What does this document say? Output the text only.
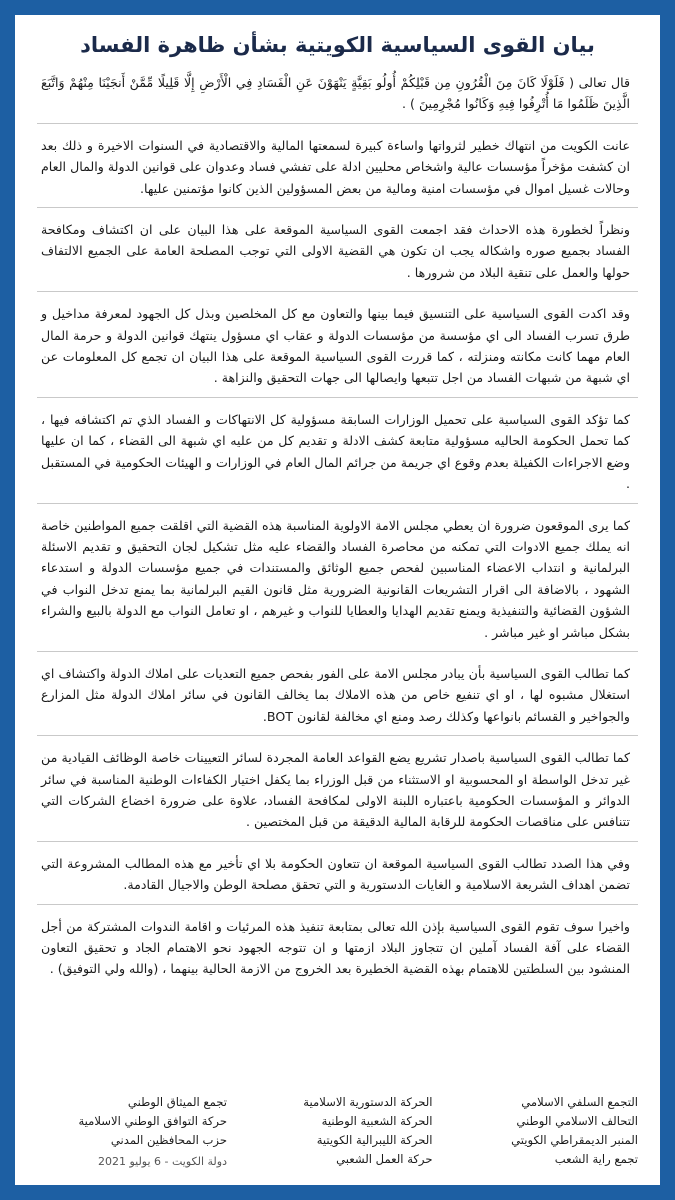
بيان القوى السياسية الكويتية بشأن ظاهرة الفساد

قال تعالى ( فَلَوْلَا كَانَ مِنَ الْقُرُونِ مِن قَبْلِكُمْ أُولُو بَقِيَّةٍ يَنْهَوْنَ عَنِ الْفَسَادِ فِي الْأَرْضِ إِلَّا قَلِيلًا مِّمَّنْ أَنجَيْنَا مِنْهُمْ وَاتَّبَعَ الَّذِينَ ظَلَمُوا مَا أُتْرِفُوا فِيهِ وَكَانُوا مُجْرِمِينَ ) .

عانت الكويت من انتهاك خطير لثرواتها واساءة كبيرة لسمعتها المالية والاقتصادية في السنوات الاخيرة و ذلك بعد ان كشفت مؤخراً مؤسسات عالية واشخاص محليين ادلة على تفشي فساد وعدوان على قوانين الدولة والمال العام وحالات غسيل اموال في مؤسسات امنية ومالية من بعض المسؤولين الذين كانوا مؤتمنين عليها.

ونظراً لخطورة هذه الاحداث فقد اجمعت القوى السياسية الموقعة على هذا البيان على ان اكتشاف ومكافحة الفساد بجميع صوره واشكاله يجب ان تكون هي القضية الاولى التي توجب المصلحة العامة على الجميع الالتفاف حولها والعمل على تنقية البلاد من شرورها .

وقد اكدت القوى السياسية على التنسيق فيما بينها والتعاون مع كل المخلصين وبذل كل الجهود لمعرفة مداخيل و طرق تسرب الفساد الى اي مؤسسة من مؤسسات الدولة و عقاب اي مسؤول ينتهك قوانين الدولة و حرمة المال العام مهما كانت مكانته ومنزلته ، كما قررت القوى السياسية الموقعة على هذا البيان ان تجمع كل المعلومات عن اي شبهة من شبهات الفساد من اجل تتبعها وايصالها الى جهات التحقيق والنزاهة .

كما تؤكد القوى السياسية على تحميل الوزارات السابقة مسؤولية كل الانتهاكات و الفساد الذي تم اكتشافه فيها ، كما تحمل الحكومة الحاليه مسؤولية متابعة كشف الادلة و تقديم كل من عليه اي شبهة الى القضاء ، كما ان عليها وضع الاجراءات الكفيلة بعدم وقوع اي جريمة من جرائم المال العام في الوزارات و الهيئات الحكومية في المستقبل .

كما يرى الموقعون ضرورة ان يعطي مجلس الامة الاولوية المناسبة هذه القضية التي اقلقت جميع المواطنين خاصة انه يملك جميع الادوات التي تمكنه من محاصرة الفساد والقضاء عليه مثل تشكيل لجان التحقيق و تقديم الاسئلة البرلمانية و انتداب الاعضاء المناسبين لفحص جميع الوثائق والمستندات في جميع مؤسسات الدولة و استدعاء الشهود ، بالاضافة الى اقرار التشريعات القانونية الضرورية مثل قانون القيم البرلمانية بما يمنع تدخل النواب في الشؤون القضائية والتنفيذية ويمنع تقديم الهدايا والعطايا للنواب و غيرهم ، او تعامل النواب مع الدولة بالبيع والشراء بشكل مباشر او غير مباشر .

كما تطالب القوى السياسية بأن يبادر مجلس الامة على الفور بفحص جميع التعديات على املاك الدولة واكتشاف اي استغلال مشبوه لها ، او اي تنفيع خاص من هذه الاملاك بما يخالف القانون في سائر املاك الدولة مثل المزارع والجواخير و القسائم بانواعها وكذلك رصد ومنع اي مخالفة لقانون BOT.

كما تطالب القوى السياسية باصدار تشريع يضع القواعد العامة المجردة لسائر التعيينات خاصة الوظائف القيادية من غير تدخل الواسطة او المحسوبية او الاستثناء من قبل الوزراء بما يكفل اختيار الكفاءات الوطنية المناسبة في سائر الدوائر و المؤسسات الحكومية باعتباره اللبنة الاولى لمكافحة الفساد، علاوة على ضرورة اخضاع الشركات التي تتنافس على مناقصات الحكومة للرقابة المالية الدقيقة من قبل المختصين .

وفي هذا الصدد تطالب القوى السياسية الموقعة ان تتعاون الحكومة بلا اي تأخير مع هذه المطالب المشروعة التي تضمن اهداف الشريعة الاسلامية و الغايات الدستورية و التي تحقق مصلحة الوطن والاجيال القادمة.

واخيرا سوف تقوم القوى السياسية بإذن الله تعالى بمتابعة تنفيذ هذه المرئيات و اقامة الندوات المشتركة من أجل القضاء على آفة الفساد آملين ان تتجاوز البلاد ازمتها و ان تتوجه الجهود نحو الاهتمام الجاد و تحقيق التعاون المنشود بين السلطتين للاهتمام بهذه القضية الخطيرة بعد الخروج من الازمة الحالية بينهما ، (والله ولي التوفيق) .

التجمع السلفي الاسلامي
التحالف الاسلامي الوطني
المنبر الديمقراطي الكويتي
تجمع راية الشعب
الحركة الدستورية الاسلامية
الحركة الشعبية الوطنية
الحركة الليبرالية الكويتية
حركة العمل الشعبي
تجمع الميثاق الوطني
حركة التوافق الوطني الاسلامية
حزب المحافظين المدني
دولة الكويت - 6 يوليو 2021
